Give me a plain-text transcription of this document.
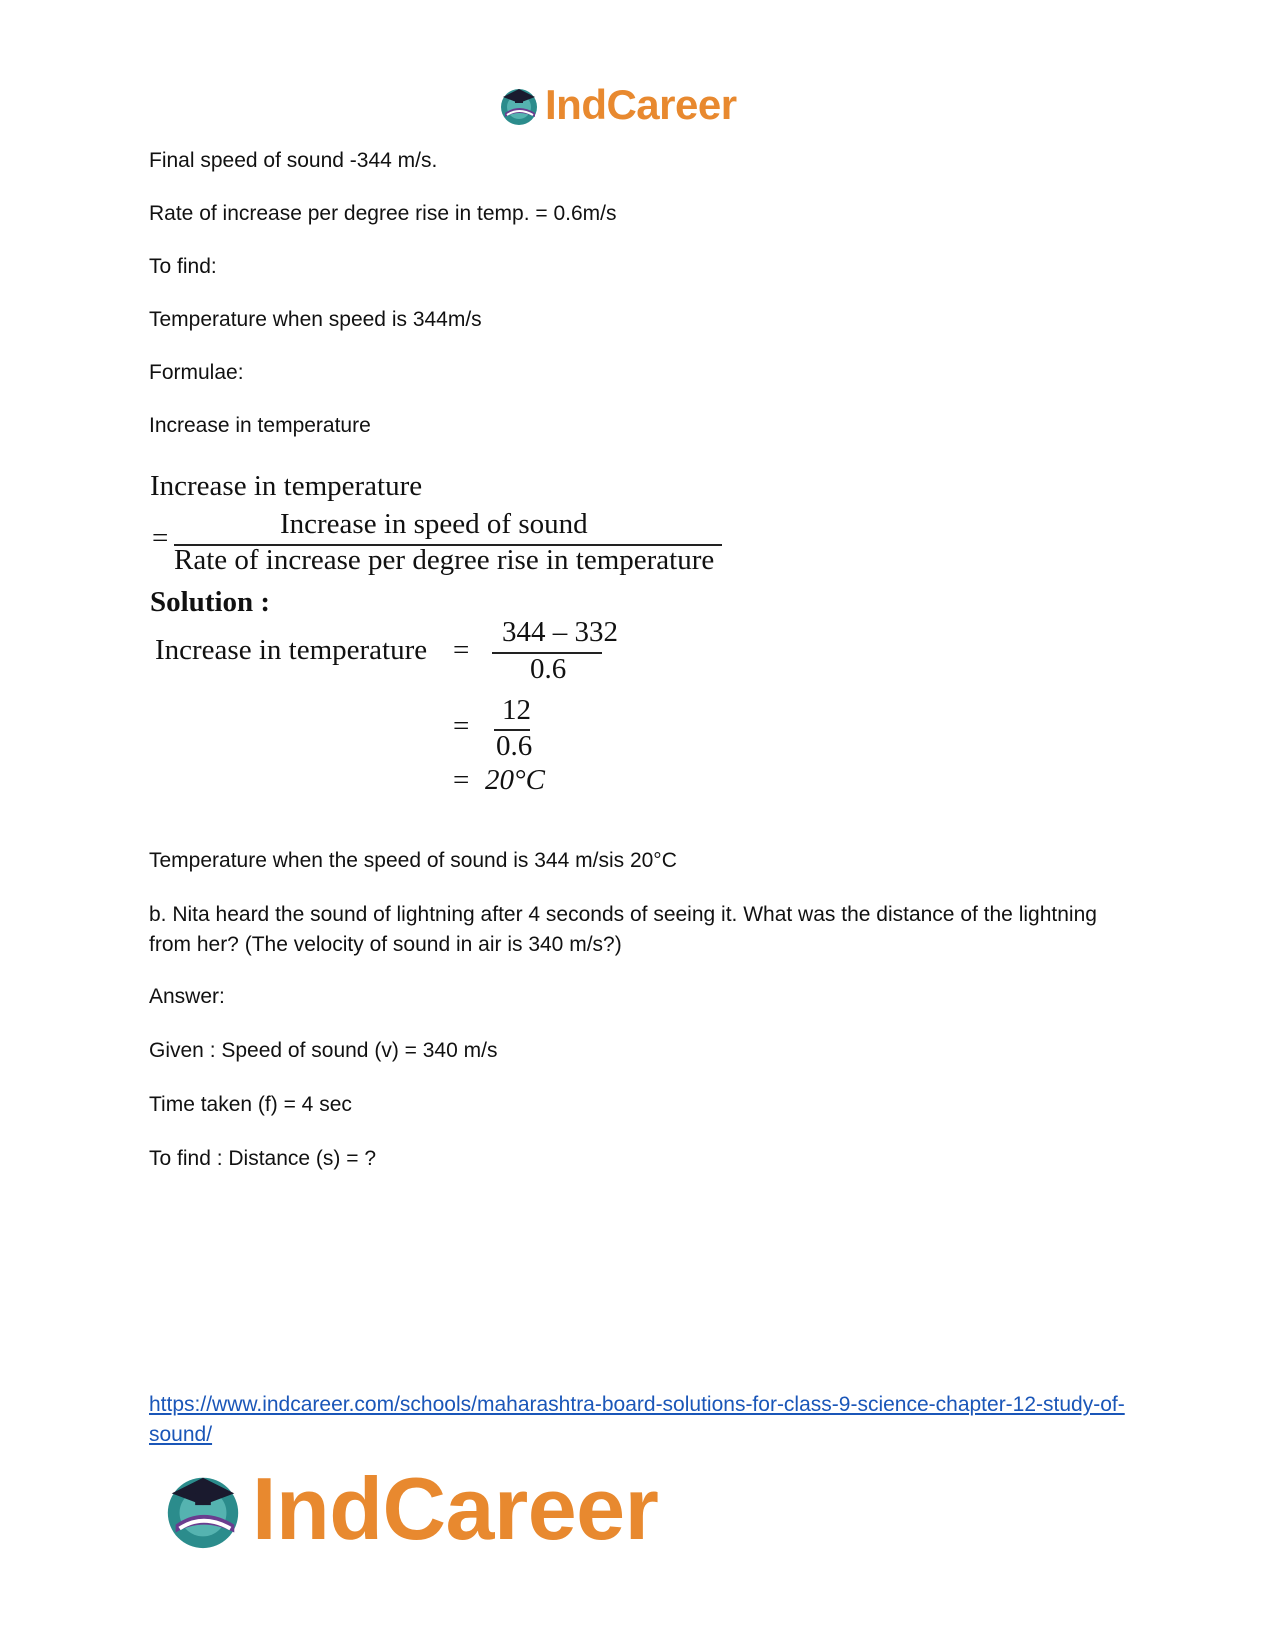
IndCareer
Final speed of sound -344 m/s.
Rate of increase per degree rise in temp. = 0.6m/s
To find:
Temperature when speed is 344m/s
Formulae:
Increase in temperature
Increase in temperature
Increase in speed of sound
=
Rate of increase per degree rise in temperature
Solution :
Increase in temperature =
344 – 332
0.6
= 12
0.6
= 20°C
Temperature when the speed of sound is 344 m/sis 20°C
b. Nita heard the sound of lightning after 4 seconds of seeing it. What was the distance of the lightning from her? (The velocity of sound in air is 340 m/s?)
Answer:
Given : Speed of sound (v) = 340 m/s
Time taken (f) = 4 sec
To find : Distance (s) = ?
https://www.indcareer.com/schools/maharashtra-board-solutions-for-class-9-science-chapter-12-study-of-sound/
IndCareer
